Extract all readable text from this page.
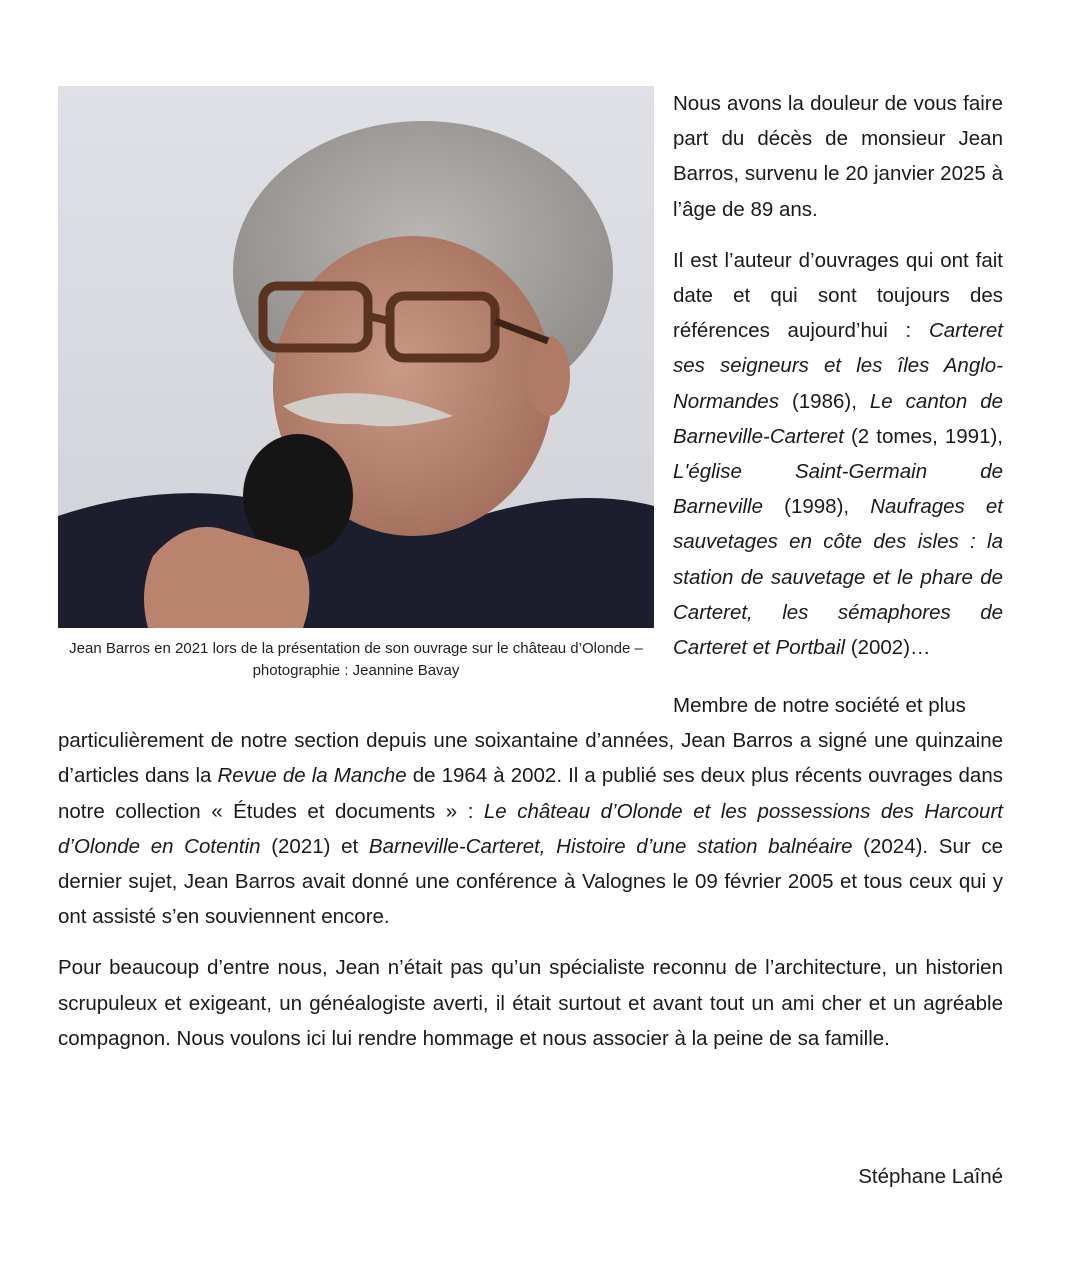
Jean Barros en 2021 lors de la présentation de son ouvrage sur le château d’Olonde – photographie : Jeannine Bavay

Nous avons la douleur de vous faire part du décès de monsieur Jean Barros, survenu le 20 janvier 2025 à l’âge de 89 ans.

Il est l’auteur d’ouvrages qui ont fait date et qui sont toujours des références aujourd’hui : Carteret ses seigneurs et les îles Anglo-Normandes (1986), Le canton de Barneville-Carteret (2 tomes, 1991), L'église Saint-Germain de Barneville (1998), Naufrages et sauvetages en côte des isles : la station de sauvetage et le phare de Carteret, les sémaphores de Carteret et Portbail (2002)…

Membre de notre société et plus
particulièrement de notre section depuis une soixantaine d’années, Jean Barros a signé une quinzaine d’articles dans la Revue de la Manche de 1964 à 2002. Il a publié ses deux plus récents ouvrages dans notre collection « Études et documents » : Le château d’Olonde et les possessions des Harcourt d’Olonde en Cotentin (2021) et Barneville-Carteret, Histoire d’une station balnéaire (2024). Sur ce dernier sujet, Jean Barros avait donné une conférence à Valognes le 09 février 2005 et tous ceux qui y ont assisté s’en souviennent encore.

Pour beaucoup d’entre nous, Jean n’était pas qu’un spécialiste reconnu de l’architecture, un historien scrupuleux et exigeant, un généalogiste averti, il était surtout et avant tout un ami cher et un agréable compagnon. Nous voulons ici lui rendre hommage et nous associer à la peine de sa famille.

Stéphane Laîné
